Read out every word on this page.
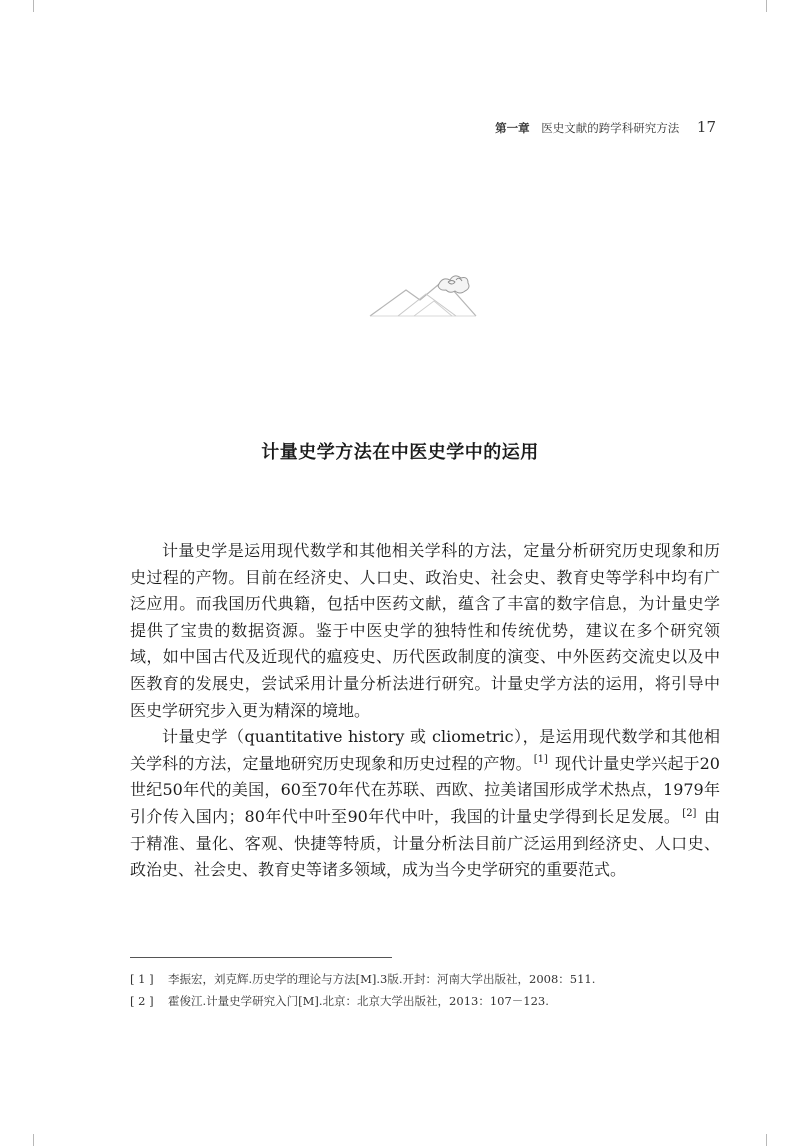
第一章 医史文献的跨学科研究方法 17
计量史学方法在中医史学中的运用

计量史学是运用现代数学和其他相关学科的方法，定量分析研究历史现象和历史过程的产物。目前在经济史、人口史、政治史、社会史、教育史等学科中均有广泛应用。而我国历代典籍，包括中医药文献，蕴含了丰富的数字信息，为计量史学提供了宝贵的数据资源。鉴于中医史学的独特性和传统优势，建议在多个研究领域，如中国古代及近现代的瘟疫史、历代医政制度的演变、中外医药交流史以及中医教育的发展史，尝试采用计量分析法进行研究。计量史学方法的运用，将引导中医史学研究步入更为精深的境地。

计量史学（quantitative history 或 cliometric），是运用现代数学和其他相关学科的方法，定量地研究历史现象和历史过程的产物。 [1] 现代计量史学兴起于20世纪50年代的美国，60至70年代在苏联、西欧、拉美诸国形成学术热点，1979年引介传入国内；80年代中叶至90年代中叶，我国的计量史学得到长足发展。 [2] 由于精准、量化、客观、快捷等特质，计量分析法目前广泛运用到经济史、人口史、政治史、社会史、教育史等诸多领域，成为当今史学研究的重要范式。

[ 1 ] 李振宏，刘克辉.历史学的理论与方法[M].3版.开封：河南大学出版社，2008：511.
[ 2 ] 霍俊江.计量史学研究入门[M].北京：北京大学出版社，2013：107－123.
